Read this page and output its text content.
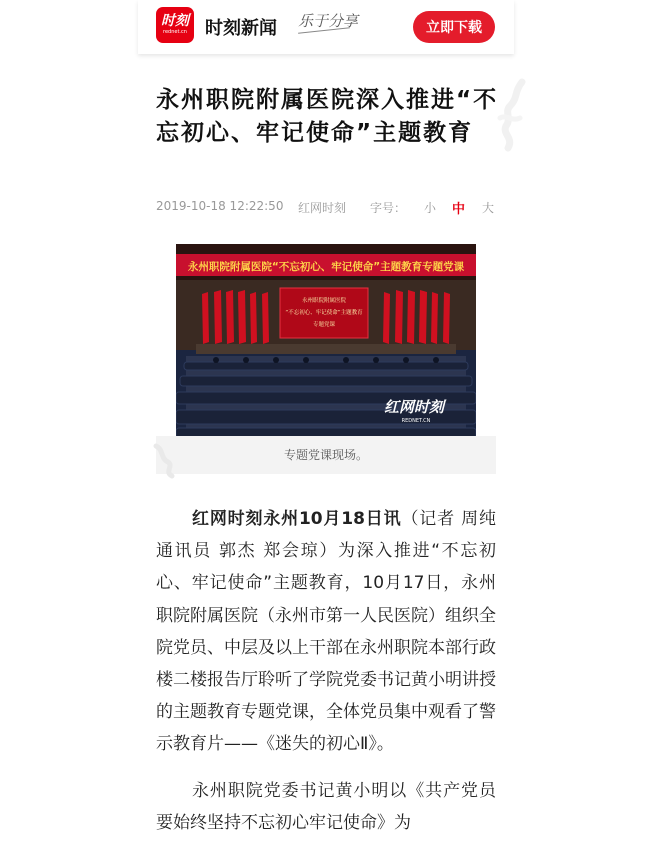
时刻
rednet.cn 时刻新闻 乐于分享	立即下载
永州职院附属医院深入推进“不忘初心、牢记使命”主题教育
2019-10-18 12:22:50 红网时刻 字号： 小 中 大
永州职院附属医院“不忘初心、牢记使命”主题教育专题党课
永州职院附属医院
“不忘初心、牢记使命”主题教育
专题党课
红网时刻
REDNET.CN
专题党课现场。

红网时刻永州10月18日讯（记者 周纯 通讯员 郭杰 郑会琼）为深入推进“不忘初心、牢记使命”主题教育，10月17日，永州职院附属医院（永州市第一人民医院）组织全院党员、中层及以上干部在永州职院本部行政楼二楼报告厅聆听了学院党委书记黄小明讲授的主题教育专题党课，全体党员集中观看了警示教育片——《迷失的初心Ⅱ》。

永州职院党委书记黄小明以《共产党员要始终坚持不忘初心牢记使命》为
